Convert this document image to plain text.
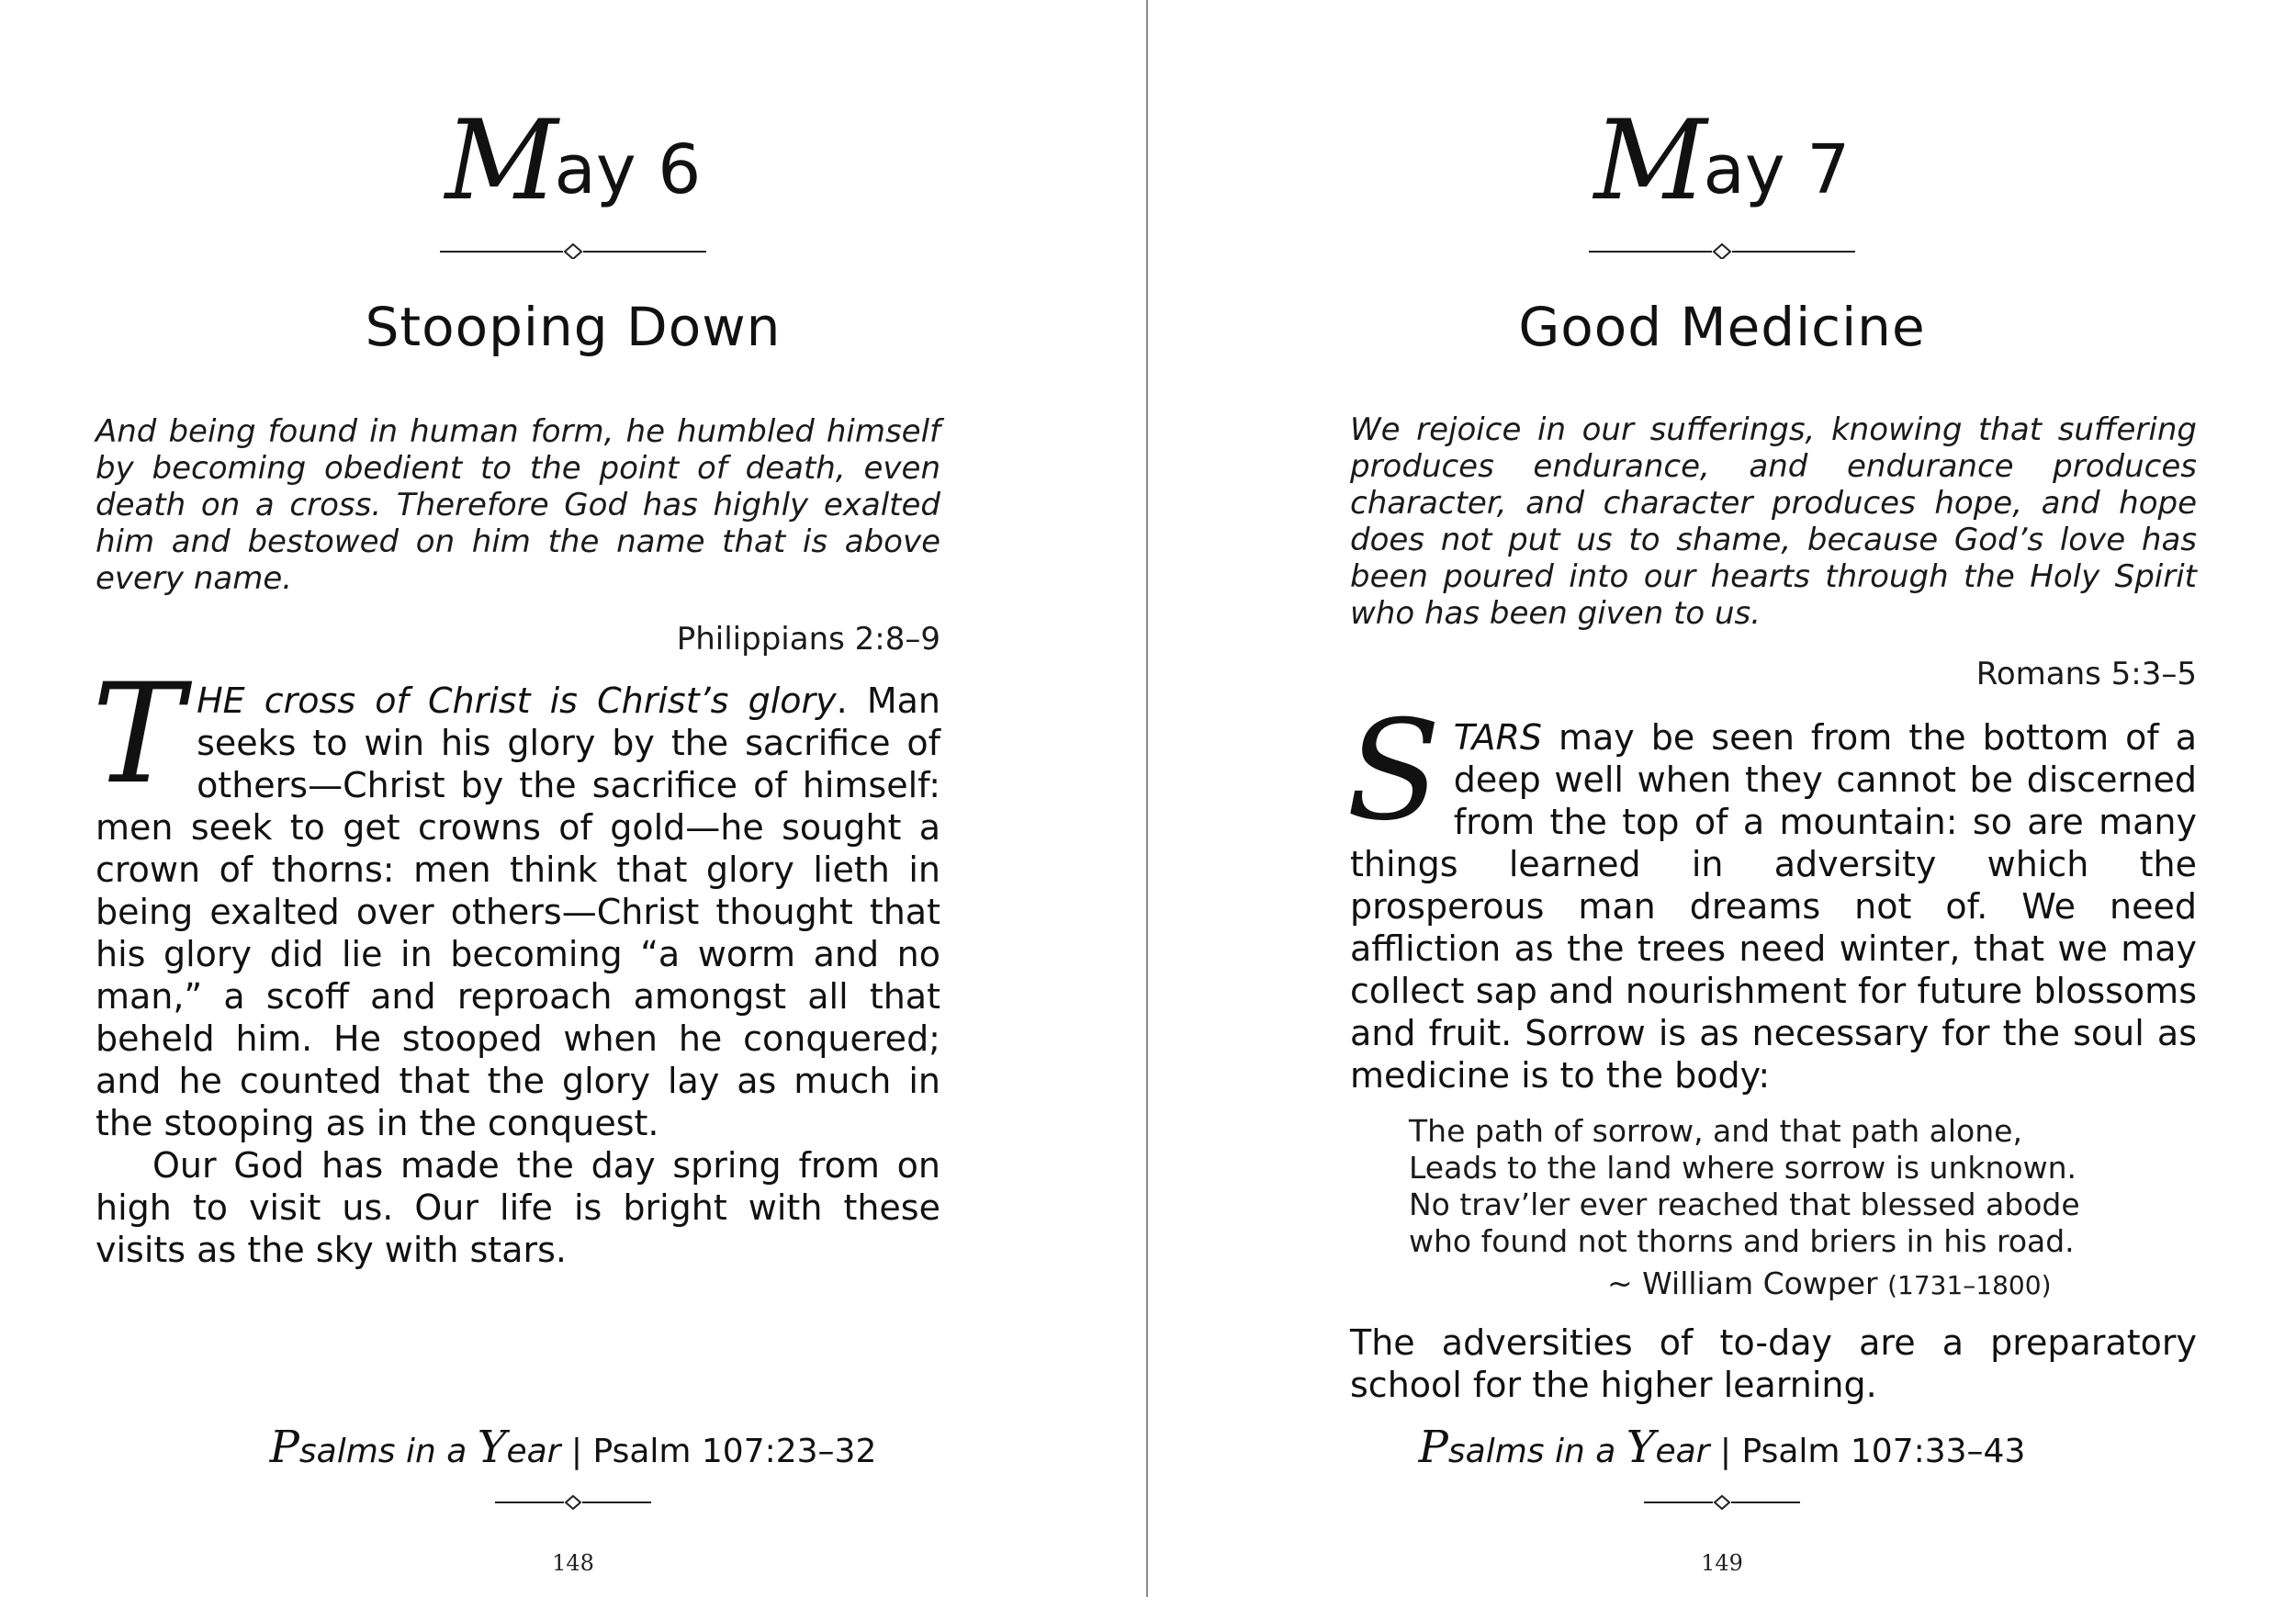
May 6
Stooping Down

And being found in human form, he humbled himself by becoming obedient to the point of death, even death on a cross. Therefore God has highly exalted him and bestowed on him the name that is above every name.

Philippians 2:8–9

THE cross of Christ is Christ’s glory. Man seeks to win his glory by the sacrifice of others—Christ by the sacrifice of himself: men seek to get crowns of gold—he sought a crown of thorns: men think that glory lieth in being exalted over others—Christ thought that his glory did lie in becoming “a worm and no man,” a scoff and reproach amongst all that beheld him. He stooped when he conquered; and he counted that the glory lay as much in the stooping as in the conquest.

Our God has made the day spring from on high to visit us. Our life is bright with these visits as the sky with stars.

Psalms in a Year | Psalm 107:23–32
148
May 7
Good Medicine

We rejoice in our sufferings, knowing that suffering produces endurance, and endurance produces character, and character produces hope, and hope does not put us to shame, because God’s love has been poured into our hearts through the Holy Spirit who has been given to us.

Romans 5:3–5

STARS may be seen from the bottom of a deep well when they cannot be discerned from the top of a mountain: so are many things learned in adversity which the prosperous man dreams not of. We need affliction as the trees need winter, that we may collect sap and nourishment for future blossoms and fruit. Sorrow is as necessary for the soul as medicine is to the body:

The path of sorrow, and that path alone,
Leads to the land where sorrow is unknown.
No trav’ler ever reached that blessed abode
who found not thorns and briers in his road.
~ William Cowper (1731–1800)

The adversities of to-day are a preparatory school for the higher learning.

Psalms in a Year | Psalm 107:33–43
149
